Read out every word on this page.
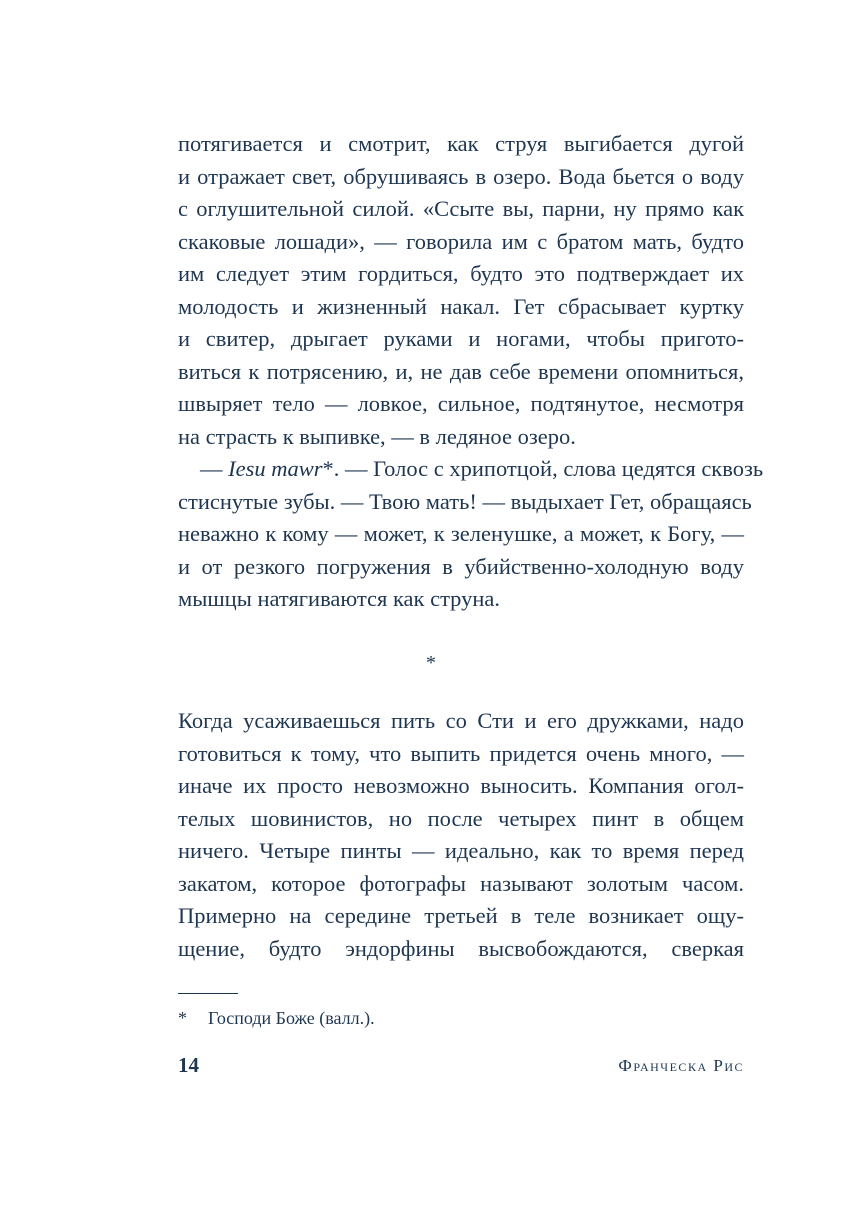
потягивается и смотрит, как струя выгибается дугой
и отражает свет, обрушиваясь в озеро. Вода бьется о воду
с оглушительной силой. «Ссыте вы, парни, ну прямо как
скаковые лошади», — говорила им с братом мать, будто
им следует этим гордиться, будто это подтверждает их
молодость и жизненный накал. Гет сбрасывает куртку
и свитер, дрыгает руками и ногами, чтобы пригото-
виться к потрясению, и, не дав себе времени опомниться,
швыряет тело — ловкое, сильное, подтянутое, несмотря
на страсть к выпивке, — в ледяное озеро.
— Iesu mawr*. — Голос с хрипотцой, слова цедятся сквозь
стиснутые зубы. — Твою мать! — выдыхает Гет, обращаясь
неважно к кому — может, к зеленушке, а может, к Богу, —
и от резкого погружения в убийственно-холодную воду
мышцы натягиваются как струна.
*
Когда усаживаешься пить со Сти и его дружками, надо
готовиться к тому, что выпить придется очень много, —
иначе их просто невозможно выносить. Компания огол-
телых шовинистов, но после четырех пинт в общем
ничего. Четыре пинты — идеально, как то время перед
закатом, которое фотографы называют золотым часом.
Примерно на середине третьей в теле возникает ощу-
щение, будто эндорфины высвобождаются, сверкая
* Господи Боже (валл.).
14	Франческа Рис
